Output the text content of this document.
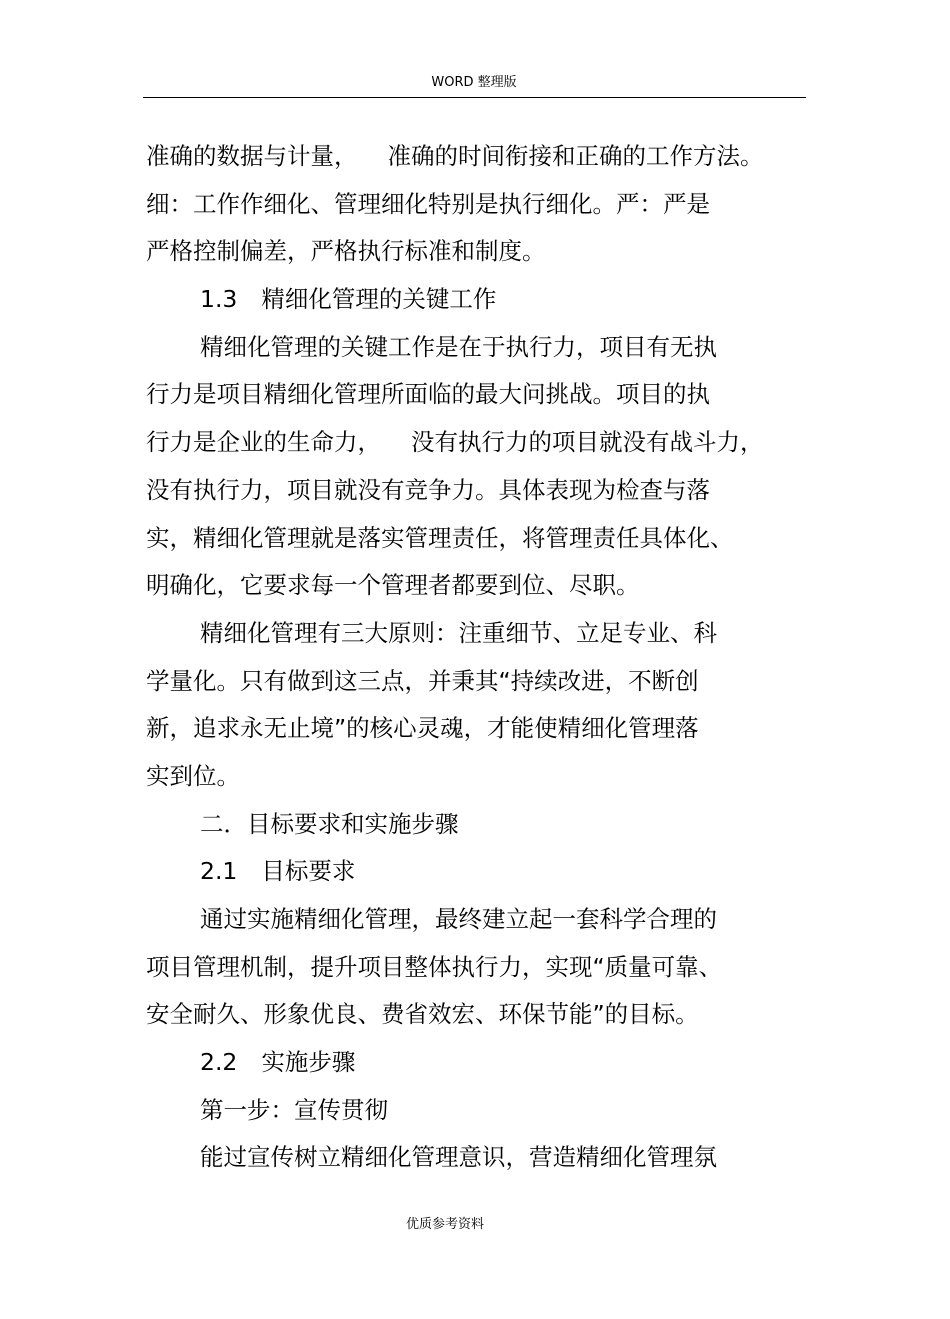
WORD 整理版
准确的数据与计量， 准确的时间衔接和正确的工作方法。
细：工作作细化、管理细化特别是执行细化。严：严是
严格控制偏差，严格执行标准和制度。
1.3 精细化管理的关键工作
精细化管理的关键工作是在于执行力，项目有无执
行力是项目精细化管理所面临的最大问挑战。项目的执
行力是企业的生命力， 没有执行力的项目就没有战斗力，
没有执行力，项目就没有竞争力。具体表现为检查与落
实，精细化管理就是落实管理责任，将管理责任具体化、
明确化，它要求每一个管理者都要到位、尽职。
精细化管理有三大原则：注重细节、立足专业、科
学量化。只有做到这三点，并秉其“持续改进，不断创
新，追求永无止境”的核心灵魂，才能使精细化管理落
实到位。
二．目标要求和实施步骤
2.1 目标要求
通过实施精细化管理，最终建立起一套科学合理的
项目管理机制，提升项目整体执行力，实现“质量可靠、
安全耐久、形象优良、费省效宏、环保节能”的目标。
2.2 实施步骤
第一步：宣传贯彻
能过宣传树立精细化管理意识，营造精细化管理氛
优质参考资料
